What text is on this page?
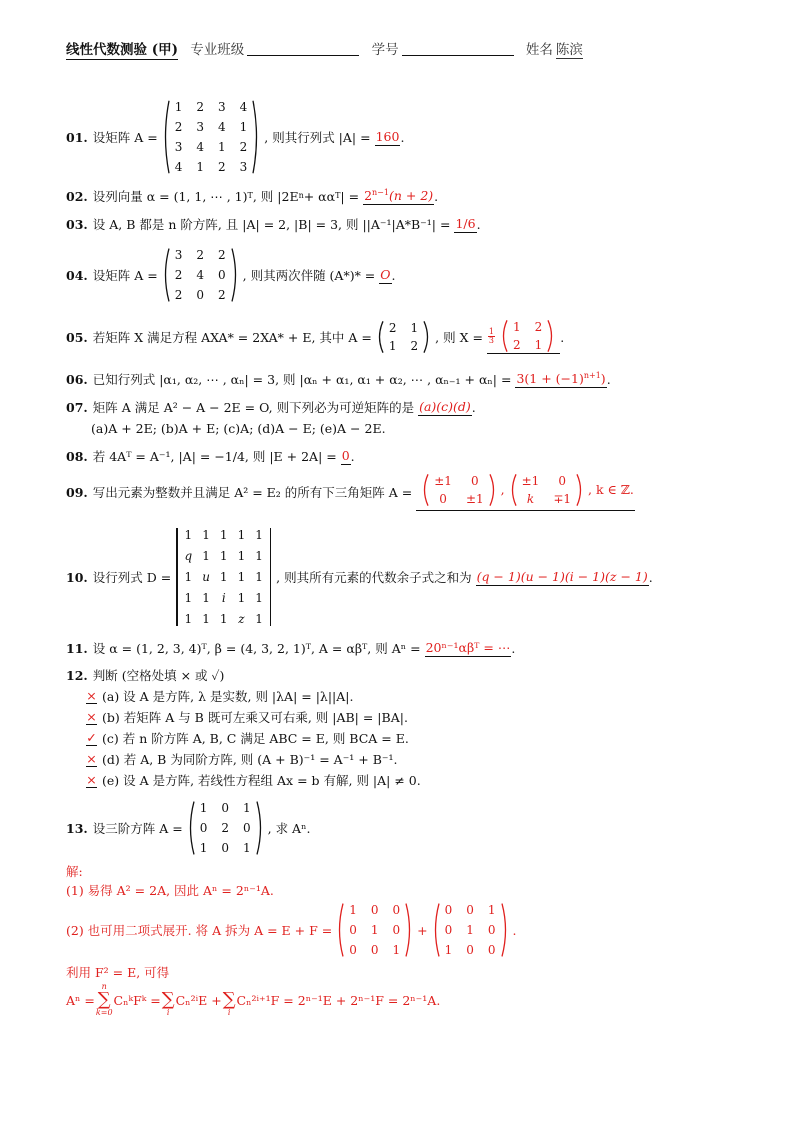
线性代数测验 (甲) 专业班级	学号	姓名 陈滨
01. 设矩阵 A =
1 2 3 4
2 3 4 1
3 4 1 2
4 1 2 3
, 则其行列式 |A| =
160 .
02. 设列向量 α = (1, 1, ⋯ , 1) T , 则 |2E n + αα T | =
$2^{n-1}(n + 2)$ .
03. 设 A, B 都是 n 阶方阵, 且 |A| = 2, |B| = 3, 则 ||A⁻¹|A*B⁻¹| =
1/6 .
04. 设矩阵 A =
3 2 2
2 4 0
2 0 2
, 则其两次伴随 (A*)* =
O .
05. 若矩阵 X 满足方程 AXA* = 2XA* + E, 其中 A =
2 1
1 2
, 则 X =
$\frac{1}{3}$
1 2
2 1
.
06. 已知行列式 |α₁, α₂, ⋯ , αₙ| = 3, 则 |αₙ + α₁, α₁ + α₂, ⋯ , αₙ₋₁ + αₙ| =
$3(1 + (-1)^{n+1})$ .
07. 矩阵 A 满足 A² − A − 2E = O, 则下列必为可逆矩阵的是
(a)(c)(d) .
(a)A + 2E; (b)A + E; (c)A; (d)A − E; (e)A − 2E.
08. 若 4Aᵀ = A⁻¹, |A| = −1/4, 则 |E + 2A| =
0 .
09. 写出元素为整数并且满足 A² = E₂ 的所有下三角矩阵 A =

±1	0
0	±1
,
±1	0
k	∓1
, k ∈ ℤ.
10. 设行列式 D =
1 1 1 1 1
q 1 1 1 1
1 u 1 1 1
1 1 i 1 1
1 1 1 z 1
, 则其所有元素的代数余子式之和为
(q − 1)(u − 1)(i − 1)(z − 1) .
11. 设 α = (1, 2, 3, 4)ᵀ, β = (4, 3, 2, 1)ᵀ, A = αβᵀ, 则 Aⁿ =
20ⁿ⁻¹αβᵀ = ⋯ .
12. 判断 (空格处填 × 或 ✓)
× (a) 设 A 是方阵, λ 是实数, 则 |λA| = |λ||A|.
× (b) 若矩阵 A 与 B 既可左乘又可右乘, 则 |AB| = |BA|.
✓ (c) 若 n 阶方阵 A, B, C 满足 ABC = E, 则 BCA = E.
× (d) 若 A, B 为同阶方阵, 则 (A + B)⁻¹ = A⁻¹ + B⁻¹.
× (e) 设 A 是方阵, 若线性方程组 Ax = b 有解, 则 |A| ≠ 0.
13. 设三阶方阵 A =
1 0 1
0 2 0
1 0 1
, 求 Aⁿ.
解:
(1) 易得 A² = 2A, 因此 Aⁿ = 2ⁿ⁻¹A.
(2) 也可用二项式展开. 将 A 拆为 A = E + F =
1 0 0
0 1 0
0 0 1
+
0 0 1
0 1 0
1 0 0
.
利用 F² = E, 可得
Aⁿ =
n
∑
k=0
CₙᵏFᵏ =
∑
i
Cₙ²ⁱE +
∑
i
Cₙ²ⁱ⁺¹F = 2ⁿ⁻¹E + 2ⁿ⁻¹F = 2ⁿ⁻¹A.
